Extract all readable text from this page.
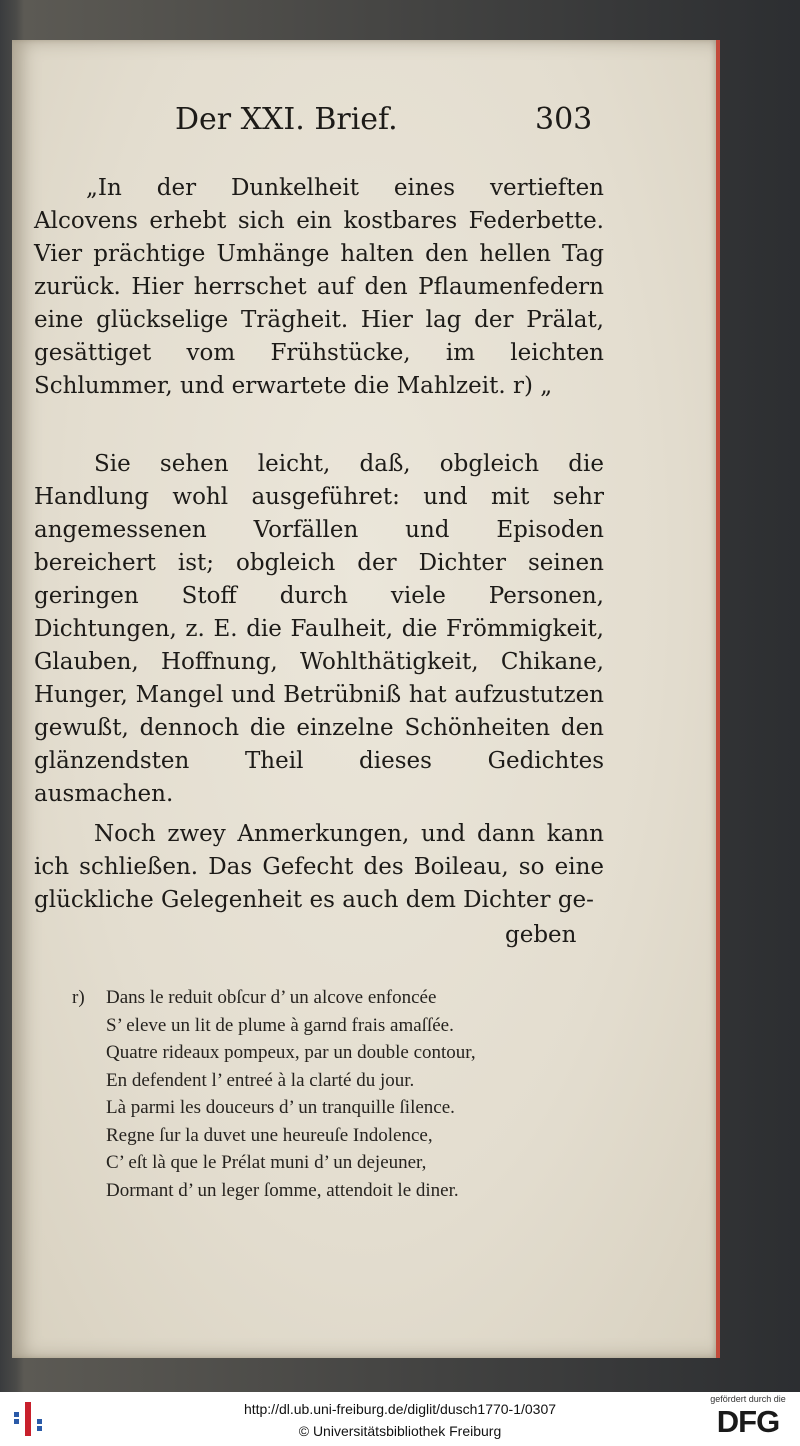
Der XXI. Brief.	303

„In der Dunkelheit eines vertieften Alcovens erhebt sich ein kostbares Federbette. Vier prächtige Umhänge halten den hellen Tag zurück. Hier herrschet auf den Pflaumenfedern eine glückselige Trägheit. Hier lag der Prälat, gesättiget vom Frühstücke, im leichten Schlummer, und erwartete die Mahlzeit. r) „

Sie sehen leicht, daß, obgleich die Handlung wohl ausgeführet: und mit sehr angemessenen Vorfällen und Episoden bereichert ist; obgleich der Dichter seinen geringen Stoff durch viele Personen, Dichtungen, z. E. die Faulheit, die Frömmigkeit, Glauben, Hoffnung, Wohlthätigkeit, Chikane, Hunger, Mangel und Betrübniß hat aufzustutzen gewußt, dennoch die einzelne Schönheiten den glänzendsten Theil dieses Gedichtes ausmachen.

Noch zwey Anmerkungen, und dann kann ich schließen. Das Gefecht des Boileau, so eine glückliche Gelegenheit es auch dem Dichter ge-

geben
r)	Dans le reduit obſcur d’ un alcove enfoncée
S’ eleve un lit de plume à garnd frais amaſſée.
Quatre rideaux pompeux, par un double contour,
En defendent l’ entreé à la clarté du jour.
Là parmi les douceurs d’ un tranquille ſilence.
Regne ſur la duvet une heureuſe Indolence,
C’ eſt là que le Prélat muni d’ un dejeuner,
Dormant d’ un leger ſomme, attendoit le diner.
http://dl.ub.uni-freiburg.de/diglit/dusch1770-1/0307
© Universitätsbibliothek Freiburg
gefördert durch die
DFG
